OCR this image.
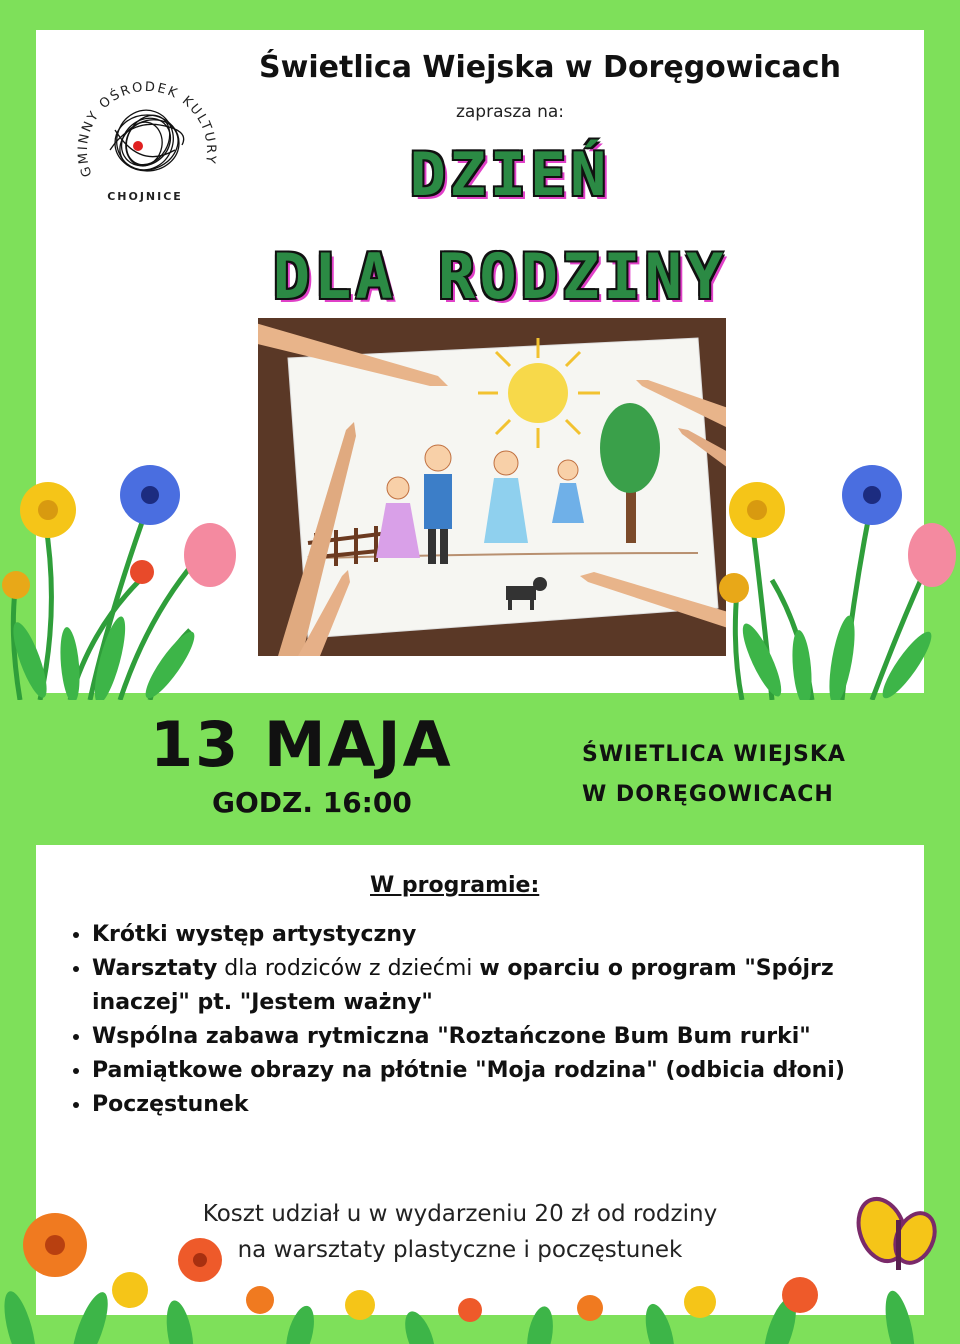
GMINNY OŚRODEK KULTURY
CHOJNICE
Świetlica Wiejska w Doręgowicach
zaprasza na:
DZIEŃ
DLA RODZINY
13 MAJA
GODZ. 16:00
ŚWIETLICA WIEJSKA
W DORĘGOWICACH
W programie:
• Krótki występ artystyczny
• Warsztaty dla rodziców z dziećmi w oparciu o program "Spójrz inaczej" pt. "Jestem ważny"
• Wspólna zabawa rytmiczna "Roztańczone Bum Bum rurki"
• Pamiątkowe obrazy na płótnie "Moja rodzina" (odbicia dłoni)
• Poczęstunek
Koszt udział u w wydarzeniu 20 zł od rodziny
na warsztaty plastyczne i poczęstunek
